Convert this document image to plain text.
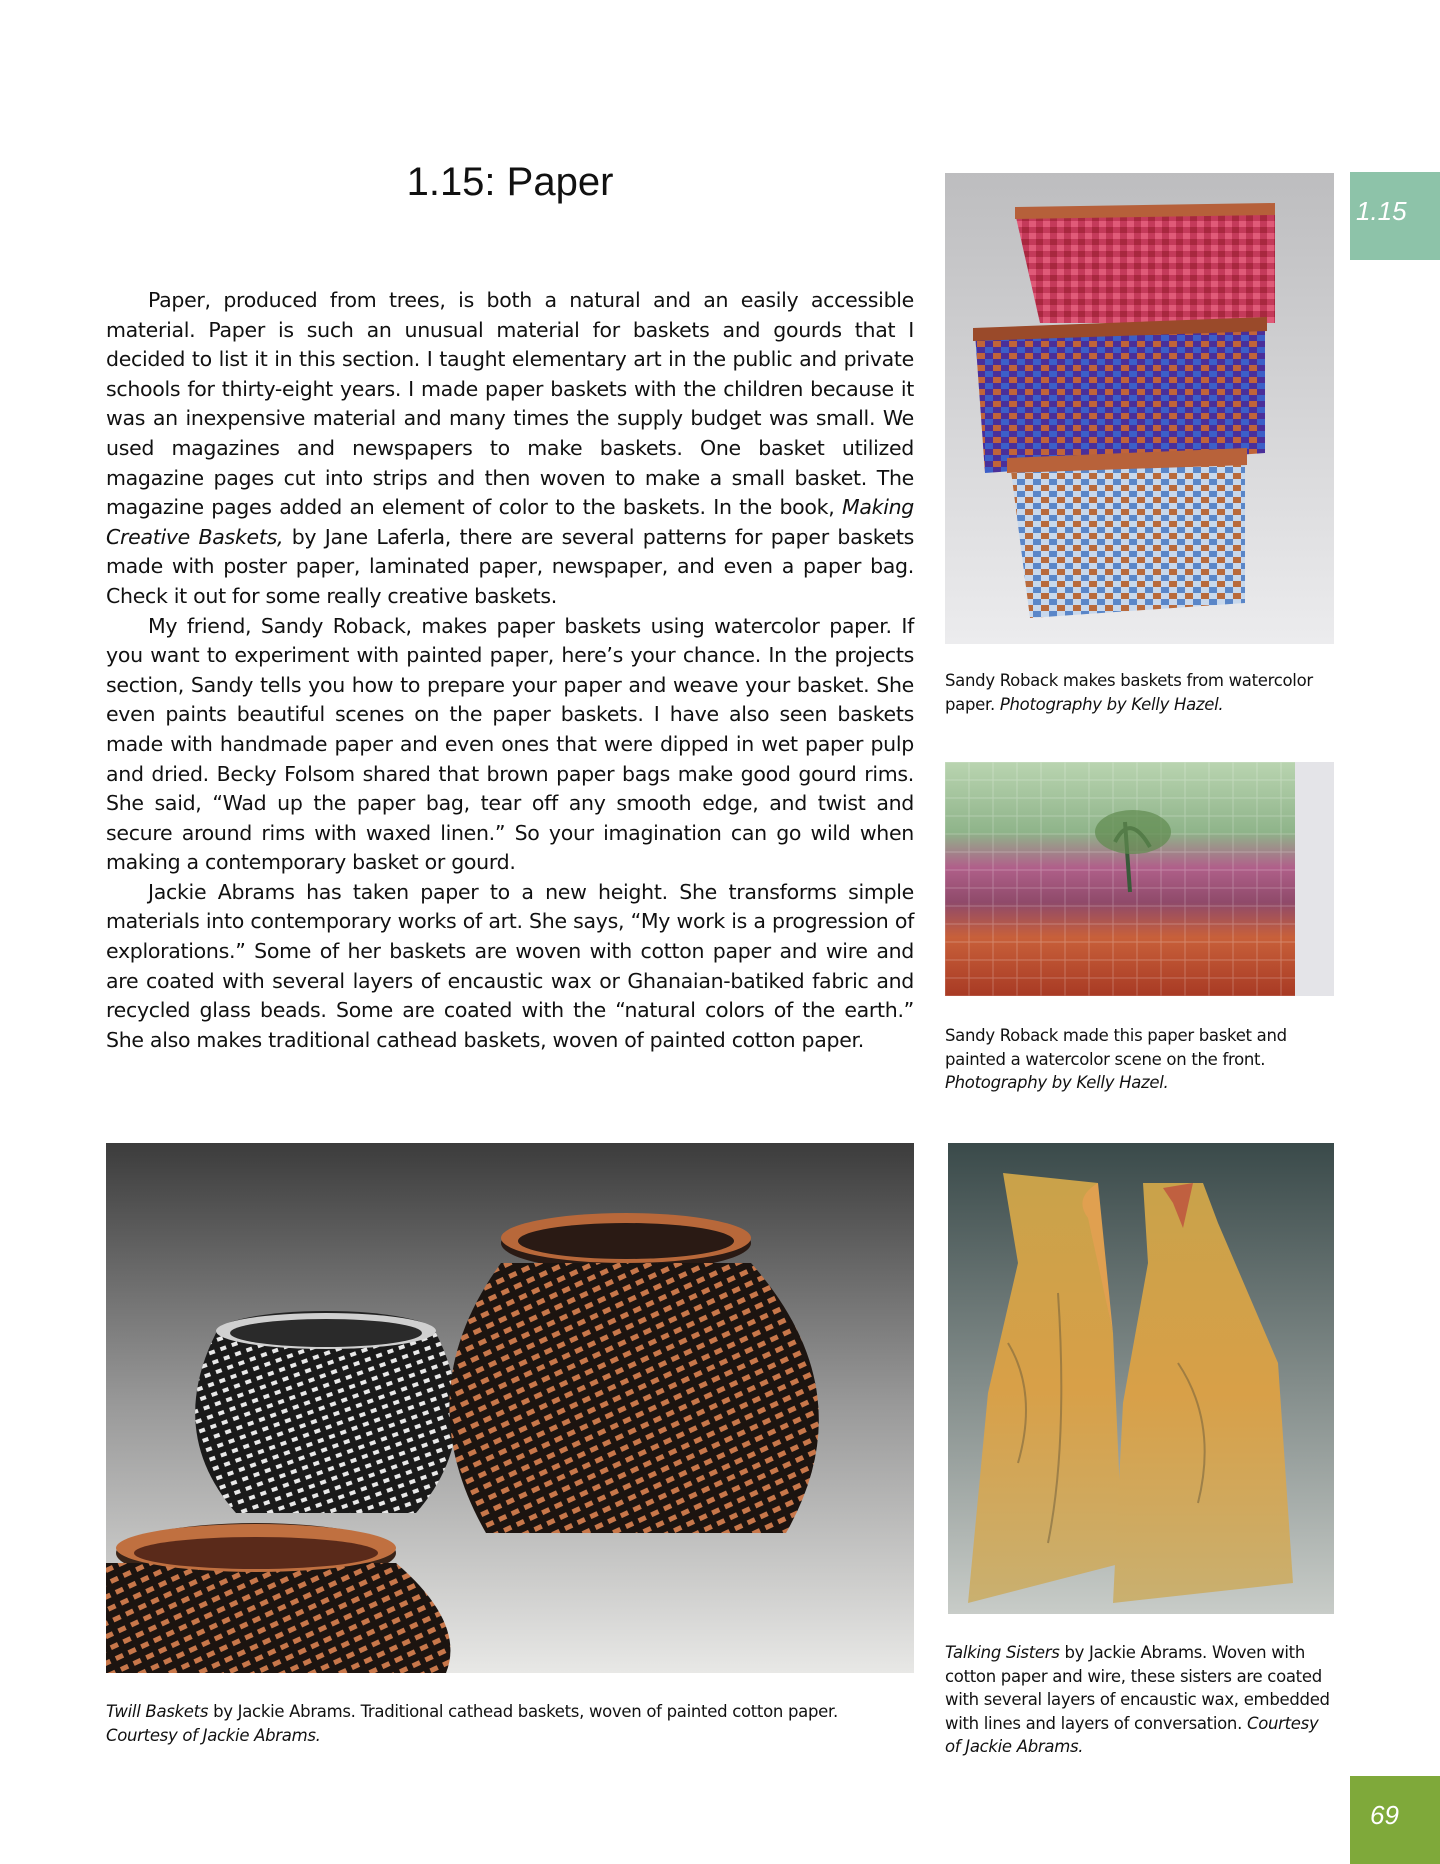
1.15: Paper
1.15

Paper, produced from trees, is both a natural and an easily accessible material. Paper is such an unusual material for baskets and gourds that I decided to list it in this section. I taught elementary art in the public and private schools for thirty-eight years. I made paper baskets with the children because it was an inexpensive material and many times the supply budget was small. We used magazines and newspapers to make baskets. One basket utilized magazine pages cut into strips and then woven to make a small basket. The magazine pages added an element of color to the baskets. In the book, Making Creative Baskets, by Jane Laferla, there are several patterns for paper baskets made with poster paper, laminated paper, newspaper, and even a paper bag. Check it out for some really creative baskets.

My friend, Sandy Roback, makes paper baskets using watercolor paper. If you want to experiment with painted paper, here’s your chance. In the projects section, Sandy tells you how to prepare your paper and weave your basket. She even paints beautiful scenes on the paper baskets. I have also seen baskets made with handmade paper and even ones that were dipped in wet paper pulp and dried. Becky Folsom shared that brown paper bags make good gourd rims. She said, “Wad up the paper bag, tear off any smooth edge, and twist and secure around rims with waxed linen.” So your imagination can go wild when making a contemporary basket or gourd.

Jackie Abrams has taken paper to a new height. She transforms simple materials into contemporary works of art. She says, “My work is a progression of explorations.” Some of her baskets are woven with cotton paper and wire and are coated with several layers of encaustic wax or Ghanaian-batiked fabric and recycled glass beads. Some are coated with the “natural colors of the earth.” She also makes traditional cathead baskets, woven of painted cotton paper.

Sandy Roback makes baskets from watercolor paper. Photography by Kelly Hazel.
Sandy Roback made this paper basket and painted a watercolor scene on the front.
Photography by Kelly Hazel.
Twill Baskets by Jackie Abrams. Traditional cathead baskets, woven of painted cotton paper.
Courtesy of Jackie Abrams.
Talking Sisters by Jackie Abrams. Woven with cotton paper and wire, these sisters are coated with several layers of encaustic wax, embedded with lines and layers of conversation. Courtesy of Jackie Abrams.
69
